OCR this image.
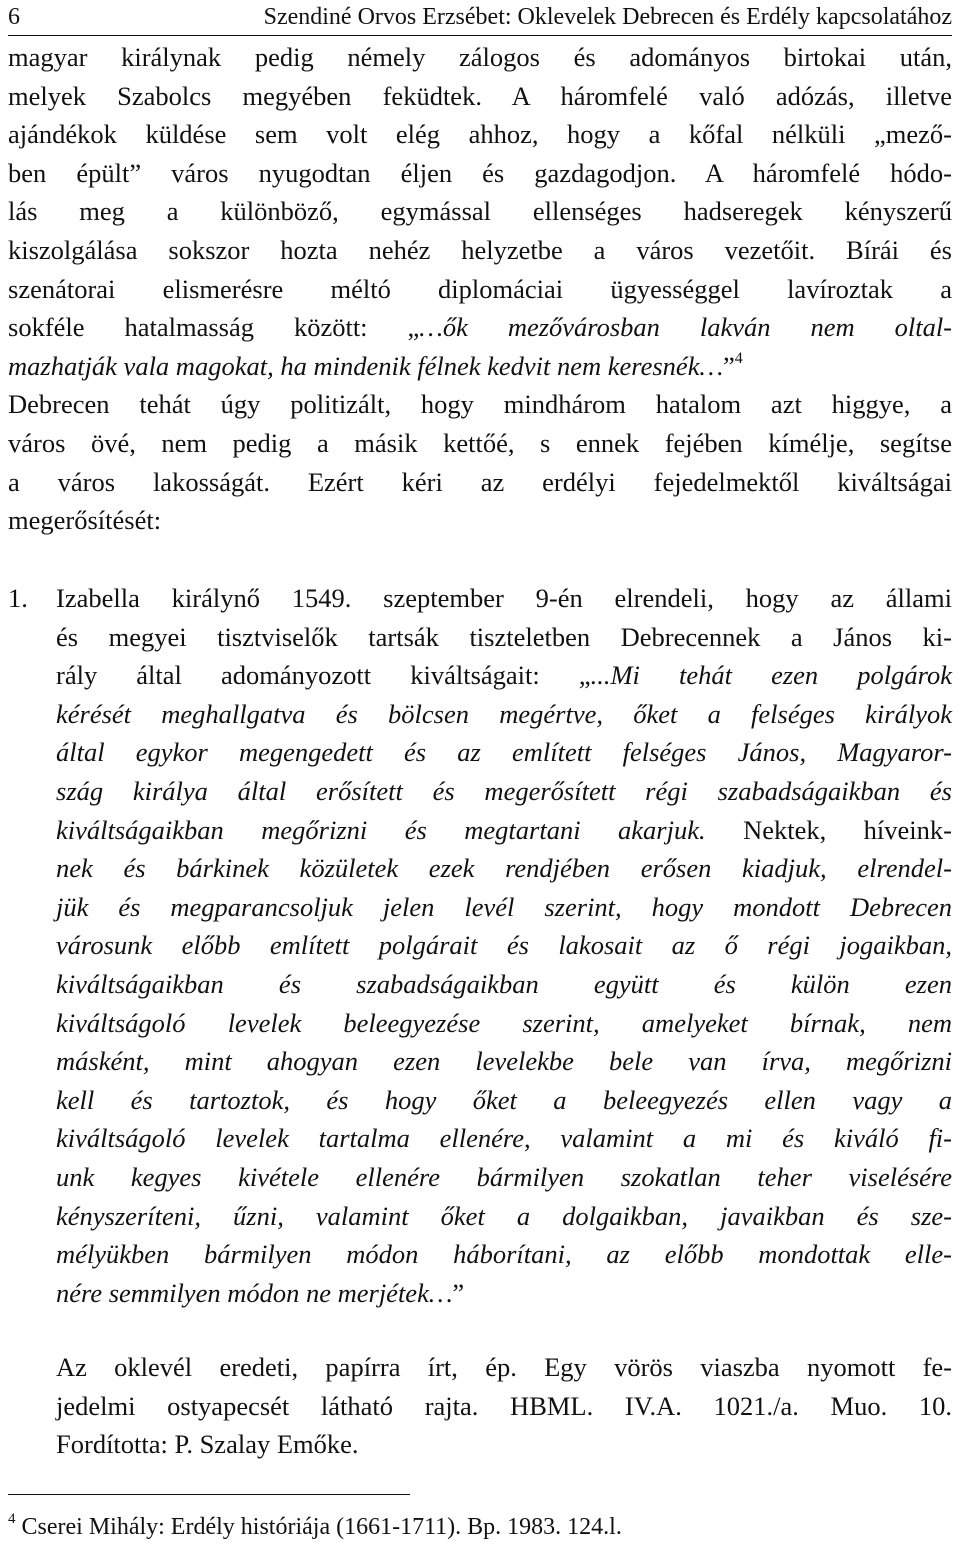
6	Szendiné Orvos Erzsébet: Oklevelek Debrecen és Erdély kapcsolatához
magyar királynak pedig némely zálogos és adományos birtokai után,
melyek Szabolcs megyében feküdtek. A háromfelé való adózás, illetve
ajándékok küldése sem volt elég ahhoz, hogy a kőfal nélküli „mező-
ben épült” város nyugodtan éljen és gazdagodjon. A háromfelé hódo-
lás meg a különböző, egymással ellenséges hadseregek kényszerű
kiszolgálása sokszor hozta nehéz helyzetbe a város vezetőit. Bírái és
szenátorai elismerésre méltó diplomáciai ügyességgel lavíroztak a
sokféle hatalmasság között: „…ők mezővárosban lakván nem oltal-
mazhatják vala magokat, ha mindenik félnek kedvit nem keresnék…”$^4$
Debrecen tehát úgy politizált, hogy mindhárom hatalom azt higgye, a
város övé, nem pedig a másik kettőé, s ennek fejében kímélje, segítse
a város lakosságát. Ezért kéri az erdélyi fejedelmektől kiváltságai
megerősítését:
1. Izabella királynő 1549. szeptember 9-én elrendeli, hogy az állami
és megyei tisztviselők tartsák tiszteletben Debrecennek a János ki-
rály által adományozott kiváltságait: „...Mi tehát ezen polgárok
kérését meghallgatva és bölcsen megértve, őket a felséges királyok
által egykor megengedett és az említett felséges János, Magyaror-
szág királya által erősített és megerősített régi szabadságaikban és
kiváltságaikban megőrizni és megtartani akarjuk. Nektek, híveink-
nek és bárkinek közületek ezek rendjében erősen kiadjuk, elrendel-
jük és megparancsoljuk jelen levél szerint, hogy mondott Debrecen
városunk előbb említett polgárait és lakosait az ő régi jogaikban,
kiváltságaikban és szabadságaikban együtt és külön ezen
kiváltságoló levelek beleegyezése szerint, amelyeket bírnak, nem
másként, mint ahogyan ezen levelekbe bele van írva, megőrizni
kell és tartoztok, és hogy őket a beleegyezés ellen vagy a
kiváltságoló levelek tartalma ellenére, valamint a mi és kiváló fi-
unk kegyes kivétele ellenére bármilyen szokatlan teher viselésére
kényszeríteni, űzni, valamint őket a dolgaikban, javaikban és sze-
mélyükben bármilyen módon háborítani, az előbb mondottak elle-
nére semmilyen módon ne merjétek…”
Az oklevél eredeti, papírra írt, ép. Egy vörös viaszba nyomott fe-
jedelmi ostyapecsét látható rajta. HBML. IV.A. 1021./a. Muo. 10.
Fordította: P. Szalay Emőke.
$^4$ Cserei Mihály: Erdély históriája (1661-1711). Bp. 1983. 124.l.
